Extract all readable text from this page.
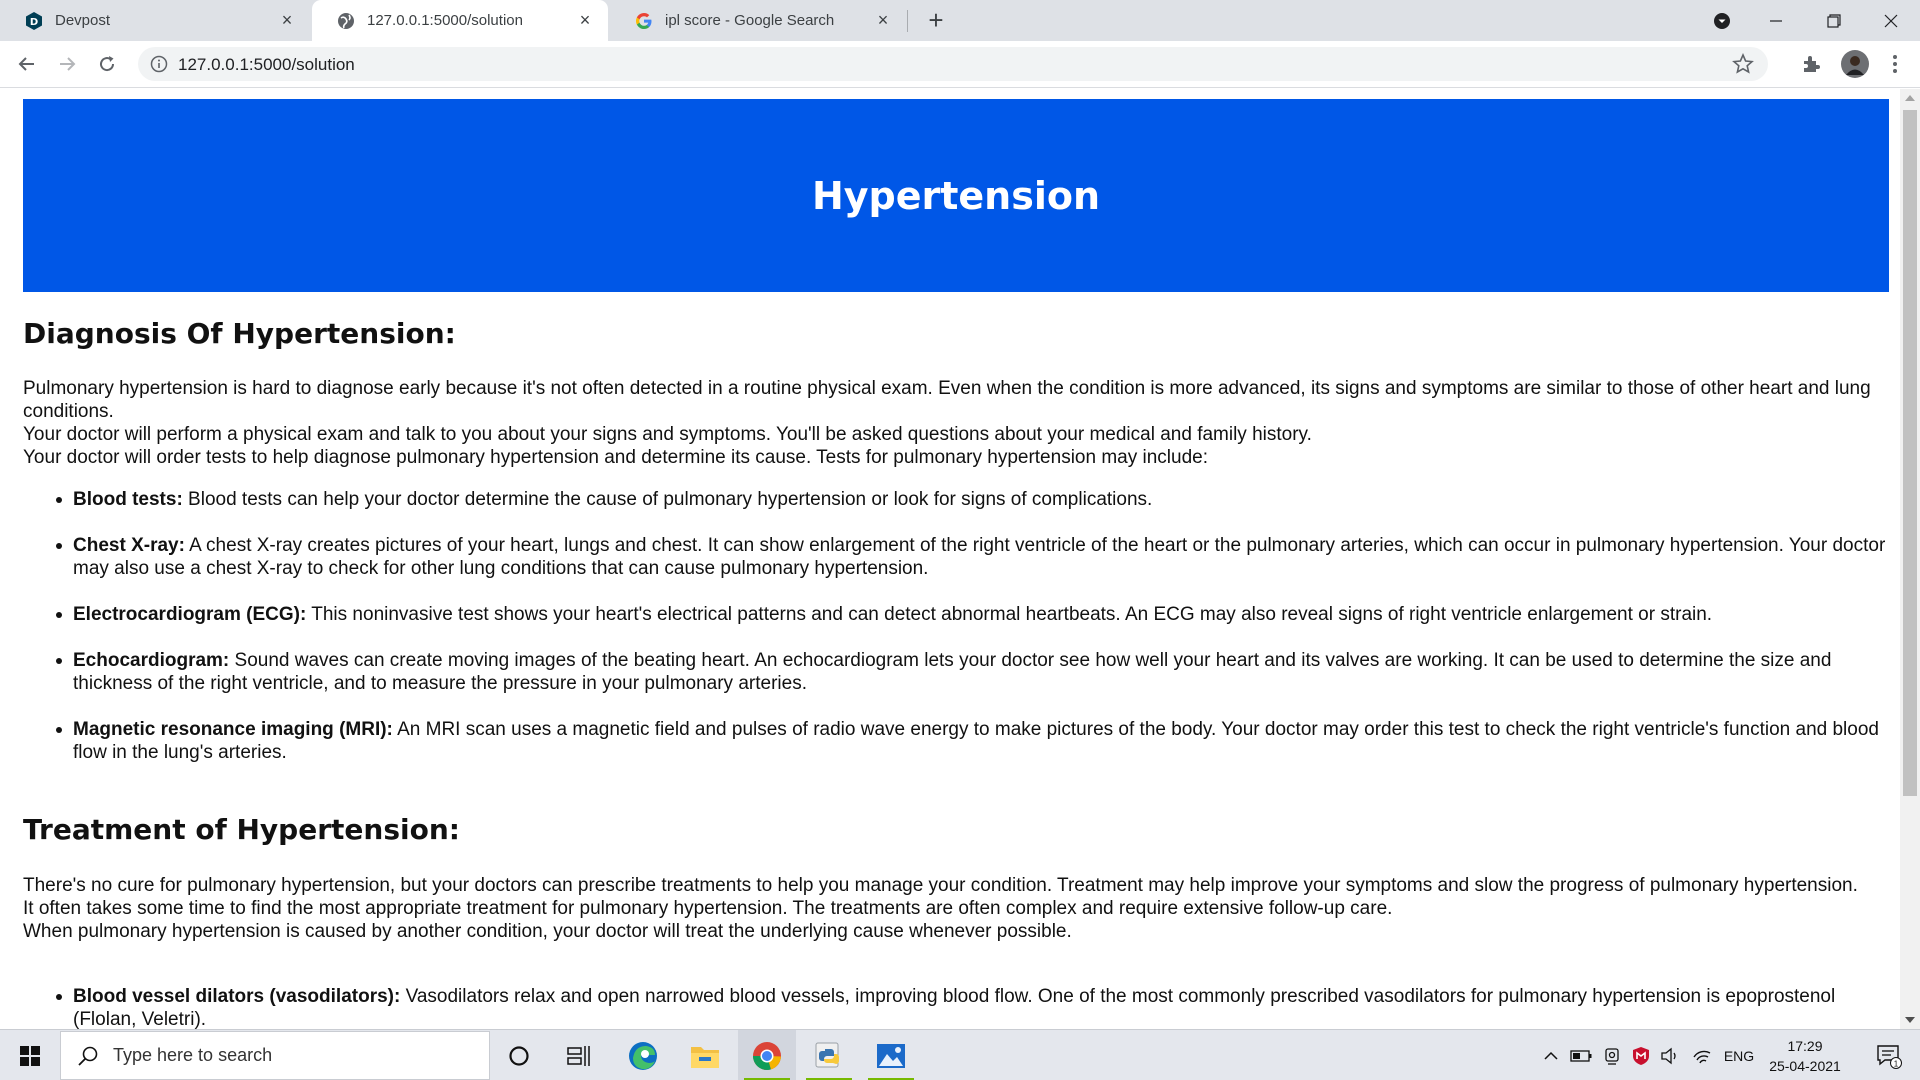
D Devpost	×	127.0.0.1:5000/solution	×	ipl score - Google Search × +
127.0.0.1:5000/solution
Hypertension
Diagnosis Of Hypertension:
Pulmonary hypertension is hard to diagnose early because it's not often detected in a routine physical exam. Even when the condition is more advanced, its signs and symptoms are similar to those of other heart and lung conditions.
Your doctor will perform a physical exam and talk to you about your signs and symptoms. You'll be asked questions about your medical and family history.
Your doctor will order tests to help diagnose pulmonary hypertension and determine its cause. Tests for pulmonary hypertension may include:
Blood tests: Blood tests can help your doctor determine the cause of pulmonary hypertension or look for signs of complications.
Chest X-ray: A chest X-ray creates pictures of your heart, lungs and chest. It can show enlargement of the right ventricle of the heart or the pulmonary arteries, which can occur in pulmonary hypertension. Your doctor may also use a chest X-ray to check for other lung conditions that can cause pulmonary hypertension.
Electrocardiogram (ECG): This noninvasive test shows your heart's electrical patterns and can detect abnormal heartbeats. An ECG may also reveal signs of right ventricle enlargement or strain.
Echocardiogram: Sound waves can create moving images of the beating heart. An echocardiogram lets your doctor see how well your heart and its valves are working. It can be used to determine the size and thickness of the right ventricle, and to measure the pressure in your pulmonary arteries.
Magnetic resonance imaging (MRI): An MRI scan uses a magnetic field and pulses of radio wave energy to make pictures of the body. Your doctor may order this test to check the right ventricle's function and blood flow in the lung's arteries.
Treatment of Hypertension:
There's no cure for pulmonary hypertension, but your doctors can prescribe treatments to help you manage your condition. Treatment may help improve your symptoms and slow the progress of pulmonary hypertension.
It often takes some time to find the most appropriate treatment for pulmonary hypertension. The treatments are often complex and require extensive follow-up care.
When pulmonary hypertension is caused by another condition, your doctor will treat the underlying cause whenever possible.
Blood vessel dilators (vasodilators): Vasodilators relax and open narrowed blood vessels, improving blood flow. One of the most commonly prescribed vasodilators for pulmonary hypertension is epoprostenol (Flolan, Veletri).
Type here to search	ENG
17:29
25-04-2021	1
